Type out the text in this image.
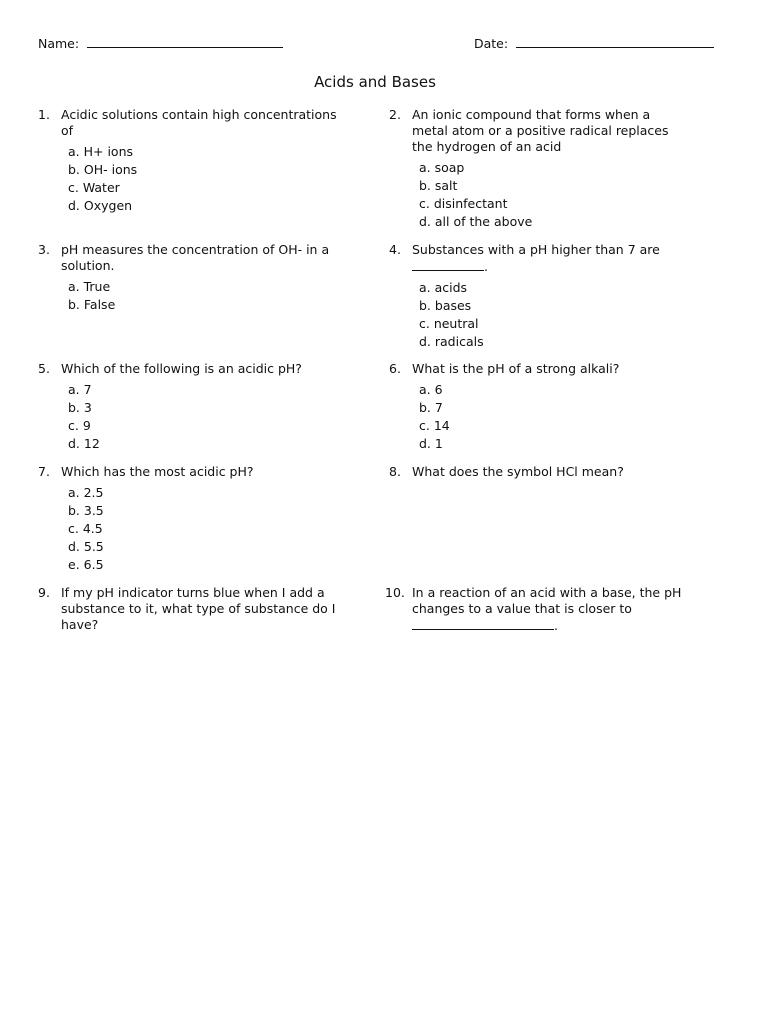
Name:	Date:
Acids and Bases
1. Acidic solutions contain high concentrations of
a. H+ ions
b. OH- ions
c. Water
d. Oxygen
2. An ionic compound that forms when a metal atom or a positive radical replaces the hydrogen of an acid
a. soap
b. salt
c. disinfectant
d. all of the above
3. pH measures the concentration of OH- in a solution.
a. True
b. False
4. Substances with a pH higher than 7 are
.
a. acids
b. bases
c. neutral
d. radicals
5. Which of the following is an acidic pH?
a. 7
b. 3
c. 9
d. 12
6. What is the pH of a strong alkali?
a. 6
b. 7
c. 14
d. 1
7. Which has the most acidic pH?
a. 2.5
b. 3.5
c. 4.5
d. 5.5
e. 6.5
8. What does the symbol HCl mean?
9. If my pH indicator turns blue when I add a substance to it, what type of substance do I have?
10. In a reaction of an acid with a base, the pH changes to a value that is closer to
.
